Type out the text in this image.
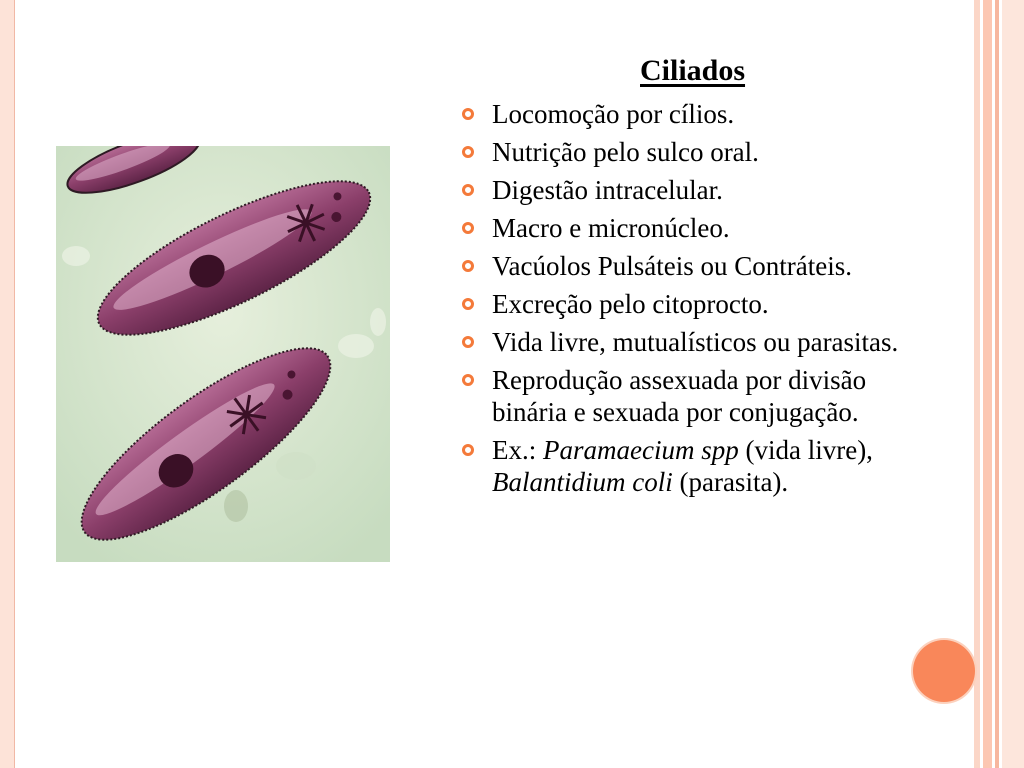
Ciliados
Locomoção por cílios.
Nutrição pelo sulco oral.
Digestão intracelular.
Macro e micronúcleo.
Vacúolos Pulsáteis ou Contráteis.
Excreção pelo citoprocto.
Vida livre, mutualísticos ou parasitas.
Reprodução assexuada por divisão binária e sexuada por conjugação.
Ex.: Paramaecium spp (vida livre), Balantidium coli (parasita).
